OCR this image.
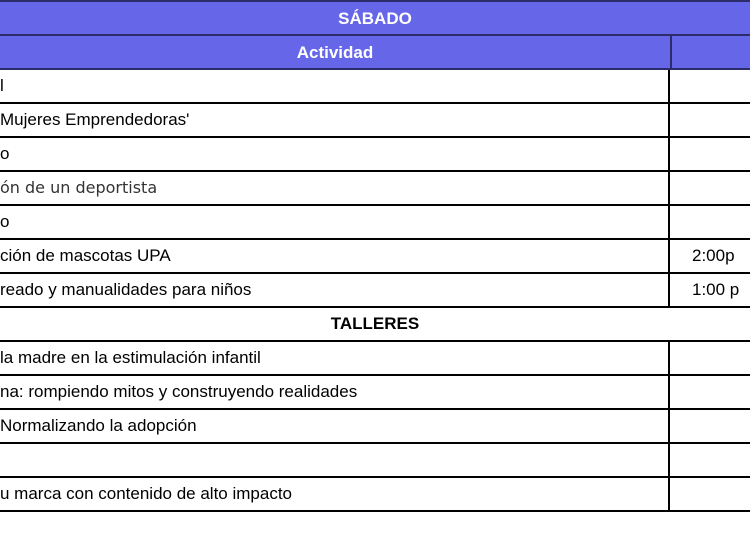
SÁBADO
Actividad
l
Mujeres Emprendedoras'
o
ón de un deportista
o
ción de mascotas UPA	2:00p
reado y manualidades para niños	1:00 p
TALLERES
la madre en la estimulación infantil
na: rompiendo mitos y construyendo realidades
Normalizando la adopción
u marca con contenido de alto impacto
